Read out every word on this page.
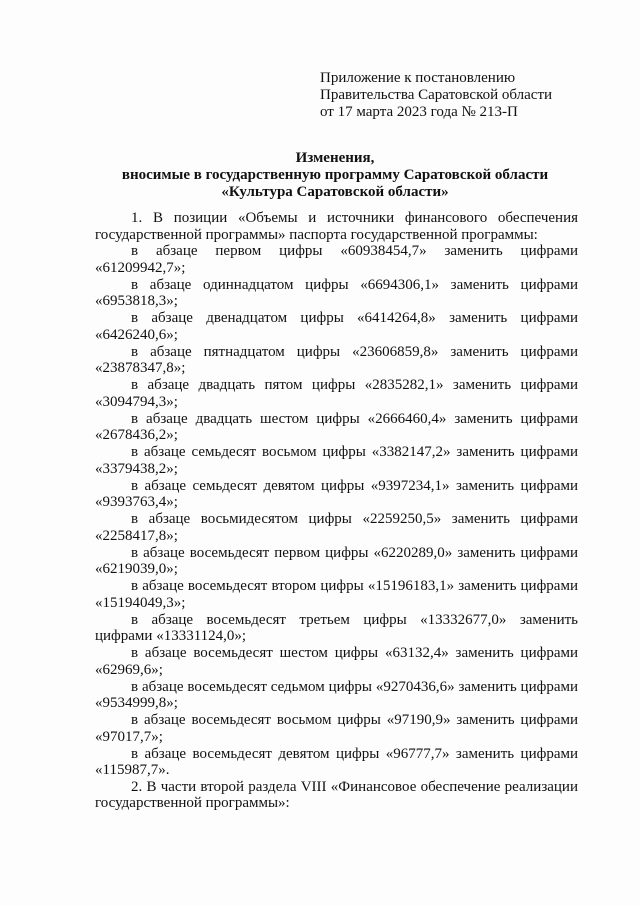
Приложение к постановлению
Правительства Саратовской области
от 17 марта 2023 года № 213-П
Изменения,
вносимые в государственную программу Саратовской области
«Культура Саратовской области»

1. В позиции «Объемы и источники финансового обеспечения государственной программы» паспорта государственной программы:

в абзаце первом цифры «60938454,7» заменить цифрами «61209942,7»;

в абзаце одиннадцатом цифры «6694306,1» заменить цифрами «6953818,3»;

в абзаце двенадцатом цифры «6414264,8» заменить цифрами «6426240,6»;

в абзаце пятнадцатом цифры «23606859,8» заменить цифрами «23878347,8»;

в абзаце двадцать пятом цифры «2835282,1» заменить цифрами «3094794,3»;

в абзаце двадцать шестом цифры «2666460,4» заменить цифрами «2678436,2»;

в абзаце семьдесят восьмом цифры «3382147,2» заменить цифрами «3379438,2»;

в абзаце семьдесят девятом цифры «9397234,1» заменить цифрами «9393763,4»;

в абзаце восьмидесятом цифры «2259250,5» заменить цифрами «2258417,8»;

в абзаце восемьдесят первом цифры «6220289,0» заменить цифрами «6219039,0»;

в абзаце восемьдесят втором цифры «15196183,1» заменить цифрами «15194049,3»;

в абзаце восемьдесят третьем цифры «13332677,0» заменить цифрами «13331124,0»;

в абзаце восемьдесят шестом цифры «63132,4» заменить цифрами «62969,6»;

в абзаце восемьдесят седьмом цифры «9270436,6» заменить цифрами «9534999,8»;

в абзаце восемьдесят восьмом цифры «97190,9» заменить цифрами «97017,7»;

в абзаце восемьдесят девятом цифры «96777,7» заменить цифрами «115987,7».

2. В части второй раздела VIII «Финансовое обеспечение реализации государственной программы»:
